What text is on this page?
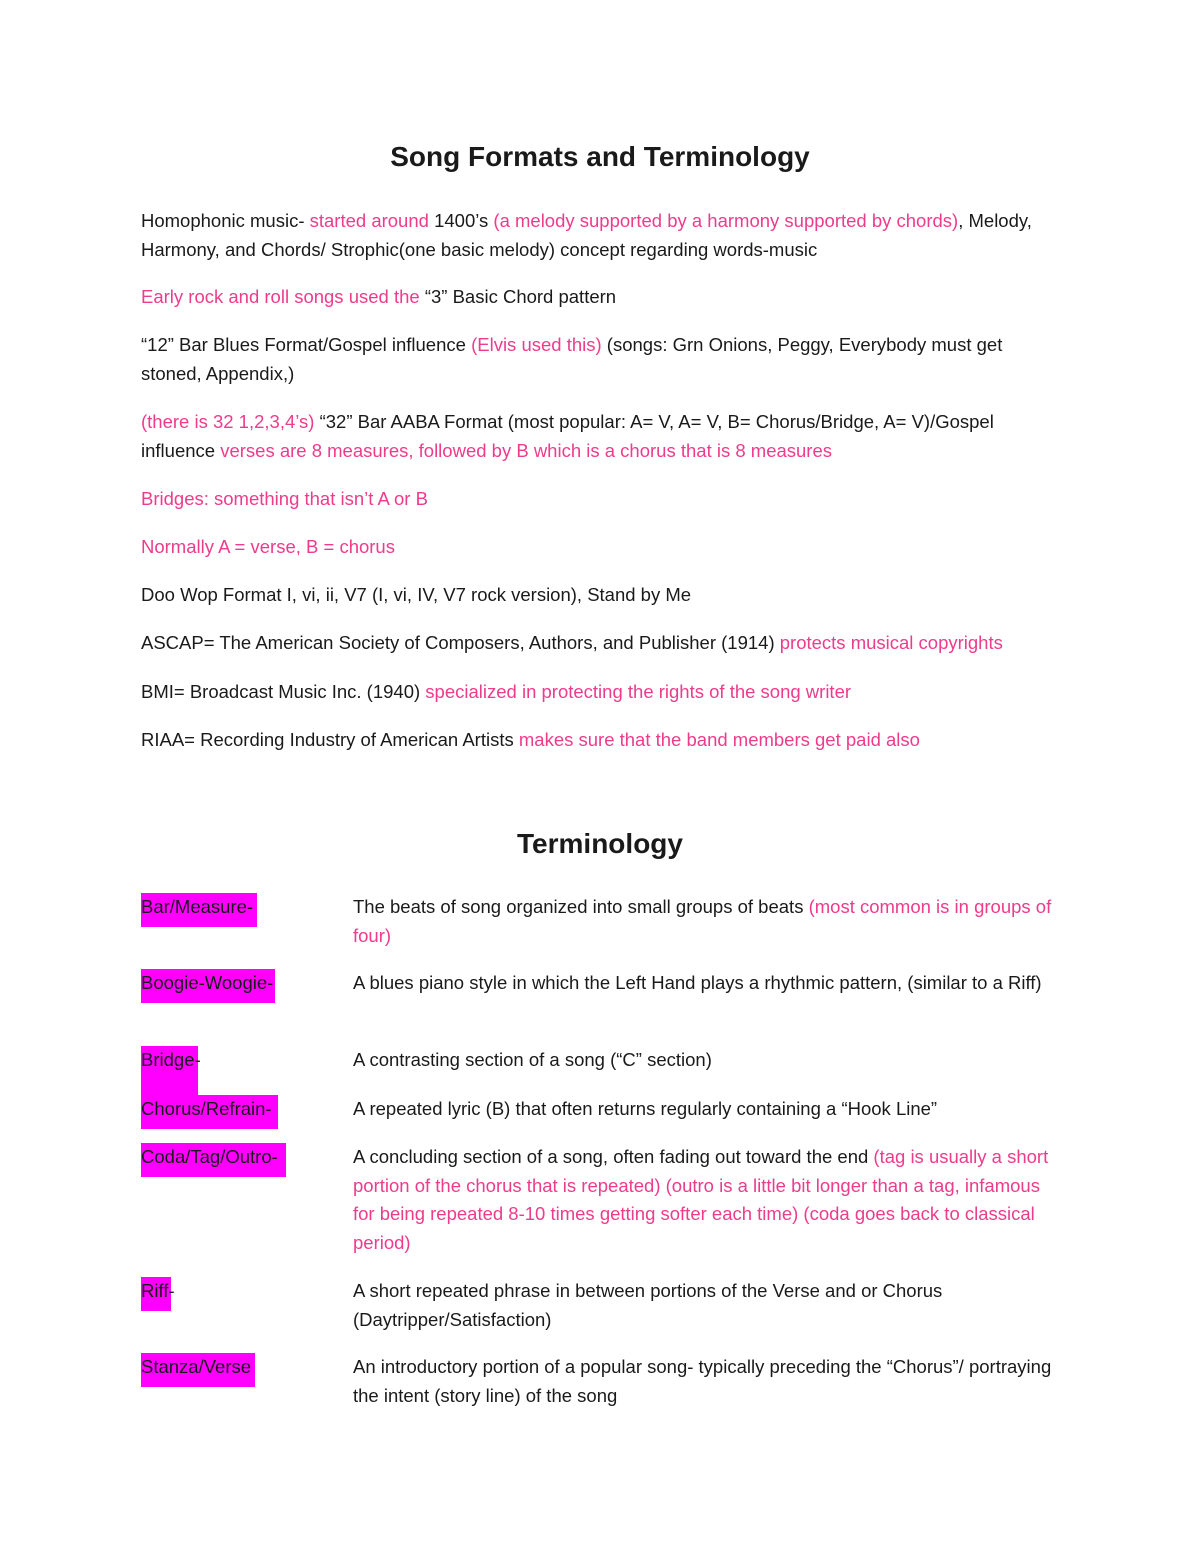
Song Formats and Terminology

Homophonic music- started around 1400’s (a melody supported by a harmony supported by chords), Melody, Harmony, and Chords/ Strophic(one basic melody) concept regarding words-music

Early rock and roll songs used the “3” Basic Chord pattern

“12” Bar Blues Format/Gospel influence (Elvis used this) (songs: Grn Onions, Peggy, Everybody must get stoned, Appendix,)

(there is 32 1,2,3,4’s) “32” Bar AABA Format (most popular: A= V, A= V, B= Chorus/Bridge, A= V)/Gospel influence verses are 8 measures, followed by B which is a chorus that is 8 measures

Bridges: something that isn’t A or B

Normally A = verse, B = chorus

Doo Wop Format I, vi, ii, V7 (I, vi, IV, V7 rock version), Stand by Me

ASCAP= The American Society of Composers, Authors, and Publisher (1914) protects musical copyrights

BMI= Broadcast Music Inc. (1940) specialized in protecting the rights of the song writer

RIAA= Recording Industry of American Artists makes sure that the band members get paid also

Terminology
Bar/Measure-	The beats of song organized into small groups of beats (most common is in groups of four)
Boogie-Woogie-	A blues piano style in which the Left Hand plays a rhythmic pattern, (similar to a Riff)
Bridge-	A contrasting section of a song (“C” section)
Chorus/Refrain-	A repeated lyric (B) that often returns regularly containing a “Hook Line”
Coda/Tag/Outro-	A concluding section of a song, often fading out toward the end (tag is usually a short portion of the chorus that is repeated) (outro is a little bit longer than a tag, infamous for being repeated 8-10 times getting softer each time) (coda goes back to classical period)
Riff-	A short repeated phrase in between portions of the Verse and or Chorus (Daytripper/Satisfaction)
Stanza/Verse	An introductory portion of a popular song- typically preceding the “Chorus”/ portraying the intent (story line) of the song
